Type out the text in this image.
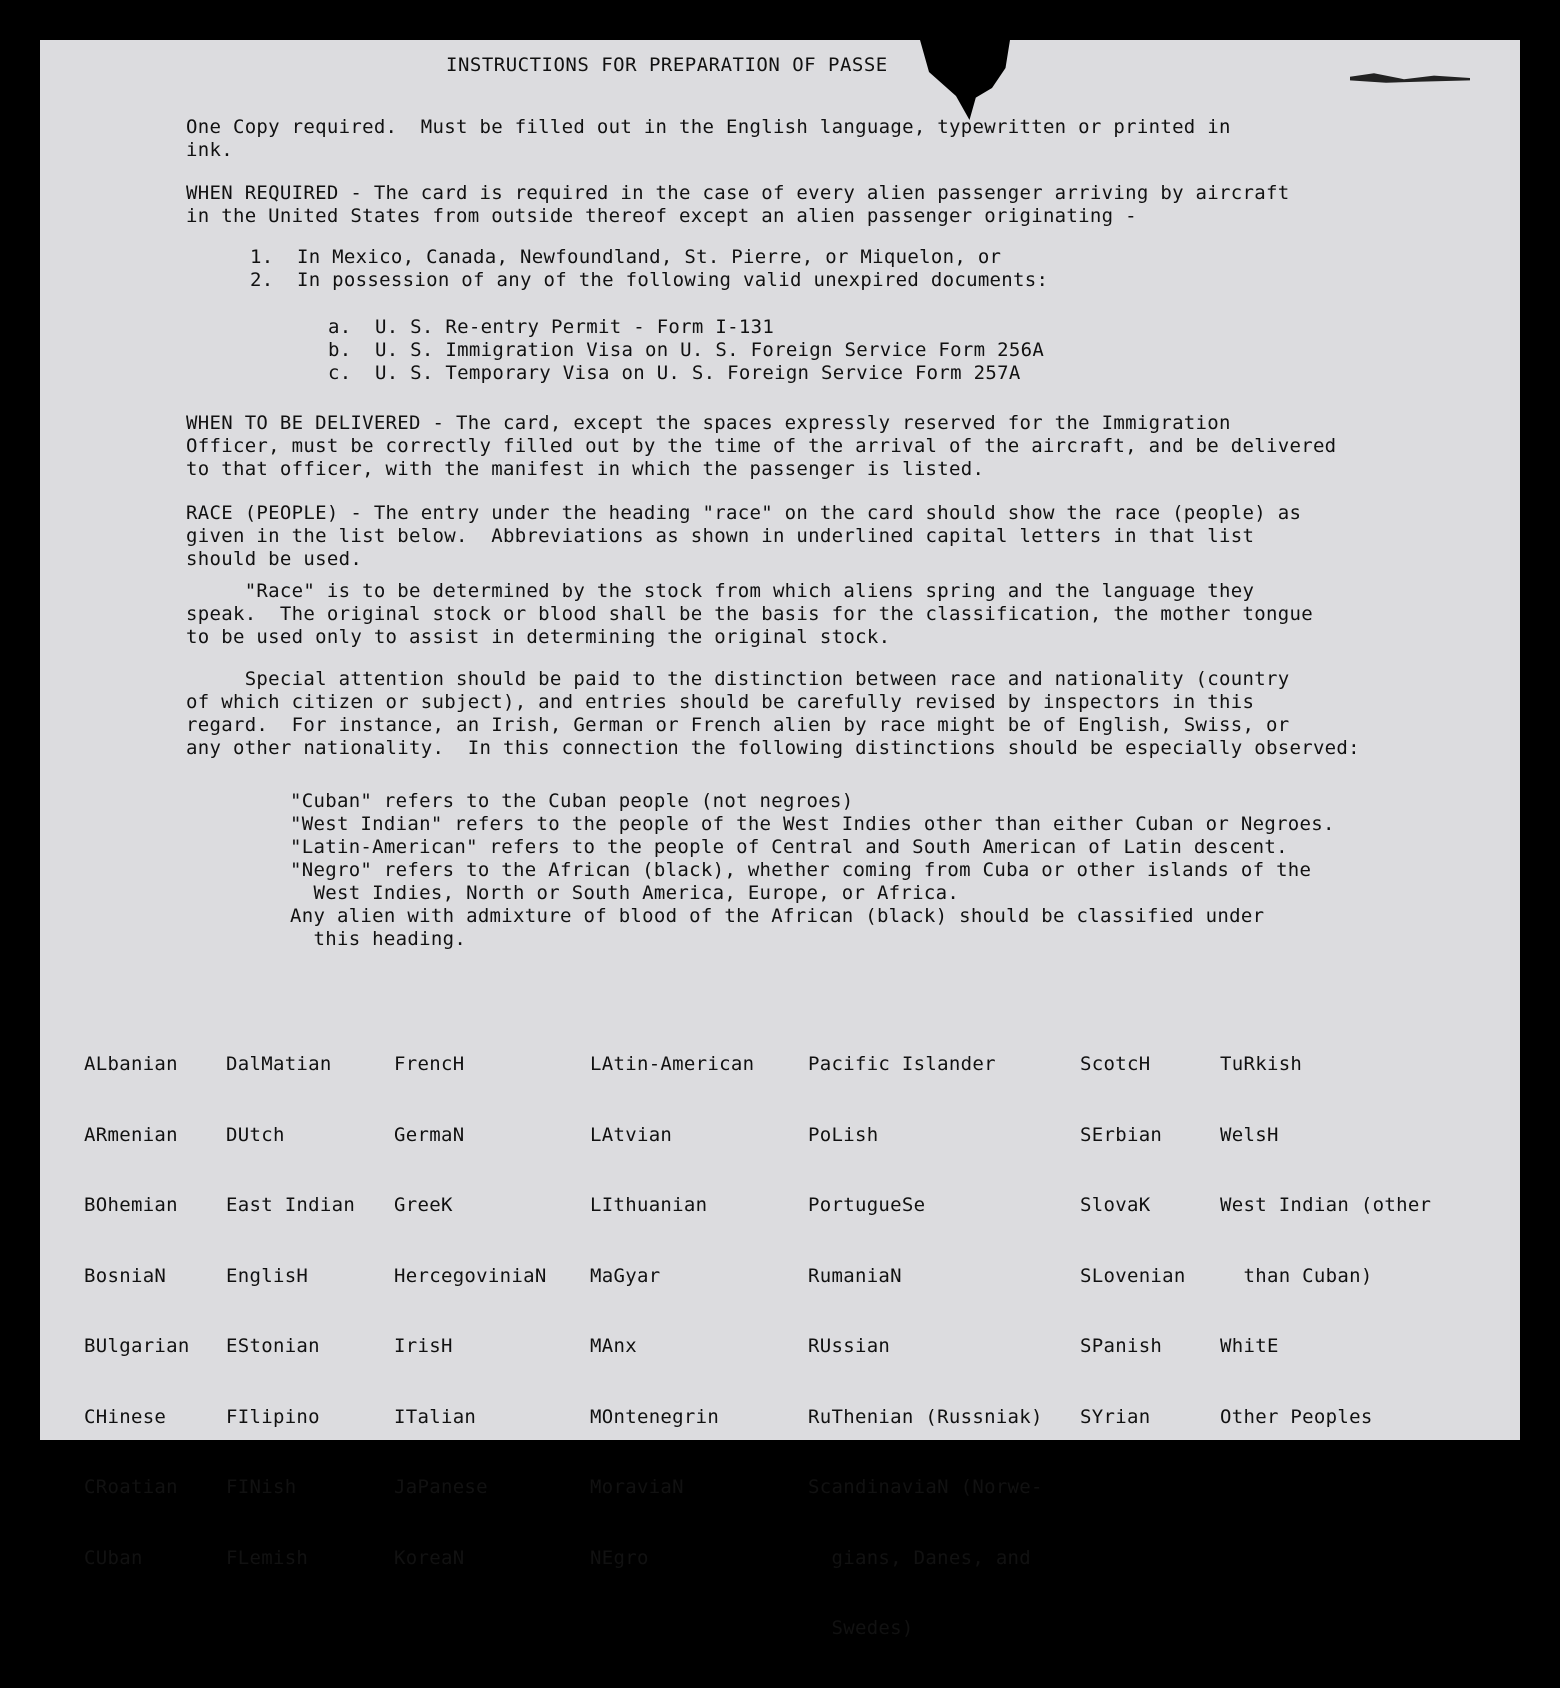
INSTRUCTIONS FOR PREPARATION OF PASSE
One Copy required.  Must be filled out in the English language, typewritten or printed in
ink.
WHEN REQUIRED - The card is required in the case of every alien passenger arriving by aircraft
in the United States from outside thereof except an alien passenger originating -
1.  In Mexico, Canada, Newfoundland, St. Pierre, or Miquelon, or
2.  In possession of any of the following valid unexpired documents:
a.  U. S. Re-entry Permit - Form I-131
b.  U. S. Immigration Visa on U. S. Foreign Service Form 256A
c.  U. S. Temporary Visa on U. S. Foreign Service Form 257A
WHEN TO BE DELIVERED - The card, except the spaces expressly reserved for the Immigration
Officer, must be correctly filled out by the time of the arrival of the aircraft, and be delivered
to that officer, with the manifest in which the passenger is listed.
RACE (PEOPLE) - The entry under the heading "race" on the card should show the race (people) as
given in the list below.  Abbreviations as shown in underlined capital letters in that list
should be used.
"Race" is to be determined by the stock from which aliens spring and the language they
speak.  The original stock or blood shall be the basis for the classification, the mother tongue
to be used only to assist in determining the original stock.
Special attention should be paid to the distinction between race and nationality (country
of which citizen or subject), and entries should be carefully revised by inspectors in this
regard.  For instance, an Irish, German or French alien by race might be of English, Swiss, or
any other nationality.  In this connection the following distinctions should be especially observed:
"Cuban" refers to the Cuban people (not negroes)
"West Indian" refers to the people of the West Indies other than either Cuban or Negroes.
"Latin-American" refers to the people of Central and South American of Latin descent.
"Negro" refers to the African (black), whether coming from Cuba or other islands of the
West Indies, North or South America, Europe, or Africa.
Any alien with admixture of blood of the African (black) should be classified under
this heading.

ALbanian

ARmenian

BOhemian

BosniaN

BUlgarian

CHinese

CRoatian

CUban

DalMatian

DUtch

East Indian

EnglisH

EStonian

FIlipino

FINish

FLemish

FrencH

GermaN

GreeK

HercegoviniaN

IrisH

ITalian

JaPanese

KoreaN

LAtin-American

LAtvian

LIthuanian

MaGyar

MAnx

MOntenegrin

MoraviaN

NEgro

Pacific Islander

PoLish

PortugueSe

RumaniaN

RUssian

RuThenian (Russniak)

ScandinaviaN (Norwe-

gians, Danes, and

Swedes)

ScotcH

SErbian

SlovaK

SLovenian

SPanish

SYrian

TuRkish

WelsH

West Indian (other

than Cuban)

WhitE

Other Peoples
